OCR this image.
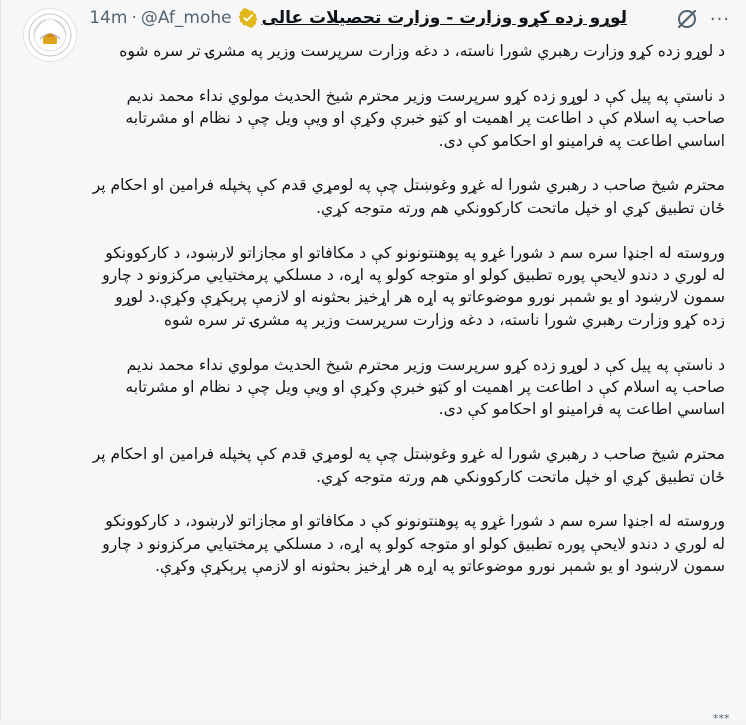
14m · @Af_mohe لوړو زده کړو وزارت - وزارت تحصیلات عالی	···

د لوړو زده کړو وزارت رهبري شورا ناسته، د دغه وزارت سرپرست وزير په مشرۍ تر سره شوه

د ناستې په پيل کې د لوړو زده کړو سرپرست وزير محترم شيخ الحديث مولوي نداء محمد نديم صاحب په اسلام کې د اطاعت پر اهميت او کټو خبرې وکړې او ويې ويل چې د نظام او مشرتابه اساسي اطاعت په فرامينو او احکامو کې دی.

محترم شيخ صاحب د رهبري شورا له غړو وغوښتل چې په لومړي قدم کې پخپله فرامين او احکام پر ځان تطبيق کړي او خپل ماتحت کارکوونکي هم ورته متوجه کړي.

وروسته له اجنډا سره سم د شورا غړو په پوهنتونونو کې د مکافاتو او مجازاتو لارښود، د کارکوونکو له لوري د دندو لايحې پوره تطبيق کولو او متوجه کولو په اړه، د مسلکي پرمختيايي مرکزونو د چارو سمون لارښود او يو شمېر نورو موضوعاتو په اړه هر اړخيز بحثونه او لازمې پرېکړې وکړې.د لوړو زده کړو وزارت رهبري شورا ناسته، د دغه وزارت سرپرست وزير په مشرۍ تر سره شوه

د ناستې په پيل کې د لوړو زده کړو سرپرست وزير محترم شيخ الحديث مولوي نداء محمد نديم صاحب په اسلام کې د اطاعت پر اهميت او کټو خبرې وکړې او ويې ويل چې د نظام او مشرتابه اساسي اطاعت په فرامينو او احکامو کې دی.

محترم شيخ صاحب د رهبري شورا له غړو وغوښتل چې په لومړي قدم کې پخپله فرامين او احکام پر ځان تطبيق کړي او خپل ماتحت کارکوونکي هم ورته متوجه کړي.

وروسته له اجنډا سره سم د شورا غړو په پوهنتونونو کې د مکافاتو او مجازاتو لارښود، د کارکوونکو له لوري د دندو لايحې پوره تطبيق کولو او متوجه کولو په اړه، د مسلکي پرمختيايي مرکزونو د چارو سمون لارښود او يو شمېر نورو موضوعاتو په اړه هر اړخيز بحثونه او لازمې پرېکړې وکړې.

***
